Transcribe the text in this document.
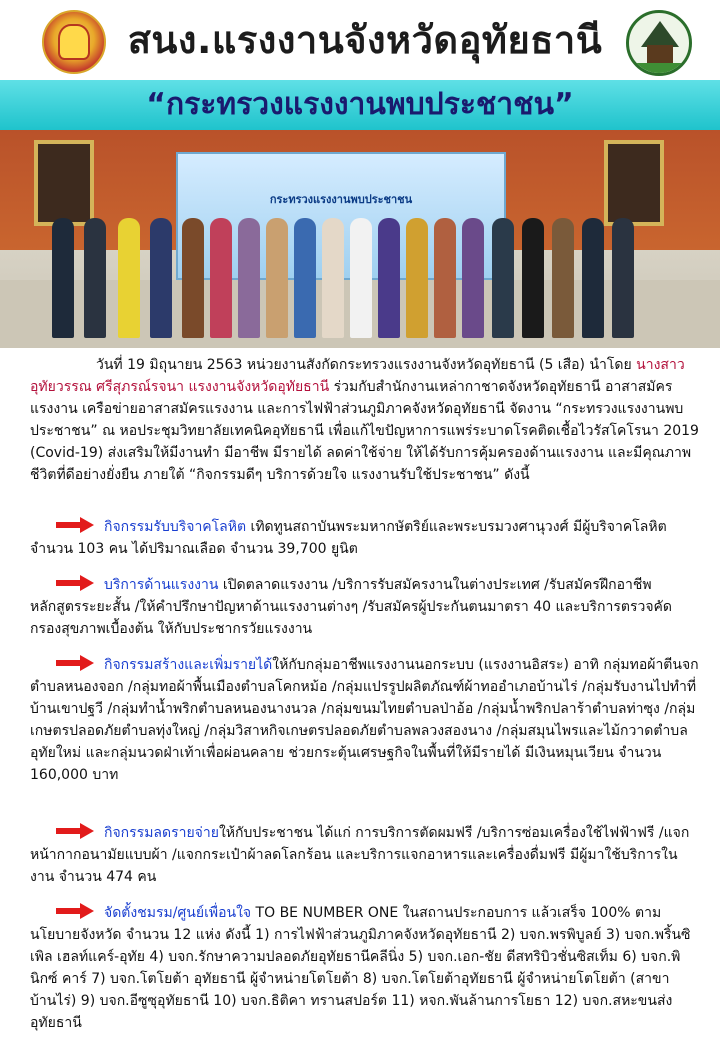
สนง.แรงงานจังหวัดอุทัยธานี
“กระทรวงแรงงานพบประชาชน”
กระทรวงแรงงานพบประชาชน
วันที่ 19 มิถุนายน 2563 หน่วยงานสังกัดกระทรวงแรงงานจังหวัดอุทัยธานี (5 เสือ) นำโดย นางสาวอุทัยวรรณ ศรีสุภรณ์รจนา แรงงานจังหวัดอุทัยธานี ร่วมกับสำนักงานเหล่ากาชาดจังหวัดอุทัยธานี อาสาสมัครแรงงาน เครือข่ายอาสาสมัครแรงงาน และการไฟฟ้าส่วนภูมิภาคจังหวัดอุทัยธานี จัดงาน “กระทรวงแรงงานพบประชาชน” ณ หอประชุมวิทยาลัยเทคนิคอุทัยธานี เพื่อแก้ไขปัญหาการแพร่ระบาดโรคติดเชื้อไวรัสโคโรนา 2019 (Covid-19) ส่งเสริมให้มีงานทำ มีอาชีพ มีรายได้ ลดค่าใช้จ่าย ให้ได้รับการคุ้มครองด้านแรงงาน และมีคุณภาพชีวิตที่ดีอย่างยั่งยืน ภายใต้ “กิจกรรมดีๆ บริการด้วยใจ แรงงานรับใช้ประชาชน” ดังนี้
กิจกรรมรับบริจาคโลหิต เทิดทูนสถาบันพระมหากษัตริย์และพระบรมวงศานุวงศ์ มีผู้บริจาคโลหิต จำนวน 103 คน ได้ปริมาณเลือด จำนวน 39,700 ยูนิต
บริการด้านแรงงาน เปิดตลาดแรงงาน /บริการรับสมัครงานในต่างประเทศ /รับสมัครฝึกอาชีพหลักสูตรระยะสั้น /ให้คำปรึกษาปัญหาด้านแรงงานต่างๆ /รับสมัครผู้ประกันตนมาตรา 40 และบริการตรวจคัดกรองสุขภาพเบื้องต้น ให้กับประชากรวัยแรงงาน
กิจกรรมสร้างและเพิ่มรายได้ให้กับกลุ่มอาชีพแรงงานนอกระบบ (แรงงานอิสระ) อาทิ กลุ่มทอผ้าตีนจกตำบลหนองจอก /กลุ่มทอผ้าพื้นเมืองตำบลโคกหม้อ /กลุ่มแปรรูปผลิตภัณฑ์ผ้าทออำเภอบ้านไร่ /กลุ่มรับงานไปทำที่บ้านเขาปฐวี /กลุ่มทำน้ำพริกตำบลหนองนางนวล /กลุ่มขนมไทยตำบลป่าอ้อ /กลุ่มน้ำพริกปลาร้าตำบลท่าซุง /กลุ่มเกษตรปลอดภัยตำบลทุ่งใหญ่ /กลุ่มวิสาหกิจเกษตรปลอดภัยตำบลพลวงสองนาง /กลุ่มสมุนไพรและไม้กวาดตำบลอุทัยใหม่ และกลุ่มนวดฝ่าเท้าเพื่อผ่อนคลาย ช่วยกระตุ้นเศรษฐกิจในพื้นที่ให้มีรายได้ มีเงินหมุนเวียน จำนวน 160,000 บาท
กิจกรรมลดรายจ่ายให้กับประชาชน ได้แก่ การบริการตัดผมฟรี /บริการซ่อมเครื่องใช้ไฟฟ้าฟรี /แจกหน้ากากอนามัยแบบผ้า /แจกกระเป๋าผ้าลดโลกร้อน และบริการแจกอาหารและเครื่องดื่มฟรี มีผู้มาใช้บริการในงาน จำนวน 474 คน
จัดตั้งชมรม/ศูนย์เพื่อนใจ TO BE NUMBER ONE ในสถานประกอบการ แล้วเสร็จ 100% ตามนโยบายจังหวัด จำนวน 12 แห่ง ดังนี้ 1) การไฟฟ้าส่วนภูมิภาคจังหวัดอุทัยธานี 2) บจก.พรพิบูลย์ 3) บจก.พริ้นซิเพิล เฮลท์แคร์-อุทัย 4) บจก.รักษาความปลอดภัยอุทัยธานีคลีนิ่ง 5) บจก.เอก-ชัย ดีสทริบิวชั่นซิสเท็ม 6) บจก.พินิกซ์ คาร์ 7) บจก.โตโยต้า อุทัยธานี ผู้จำหน่ายโตโยต้า 8) บจก.โตโยต้าอุทัยธานี ผู้จำหน่ายโตโยต้า (สาขาบ้านไร่) 9) บจก.อีซูซุอุทัยธานี 10) บจก.ธิติคา ทรานสปอร์ต 11) หจก.พันล้านการโยธา 12) บจก.สหะขนส่งอุทัยธานี
